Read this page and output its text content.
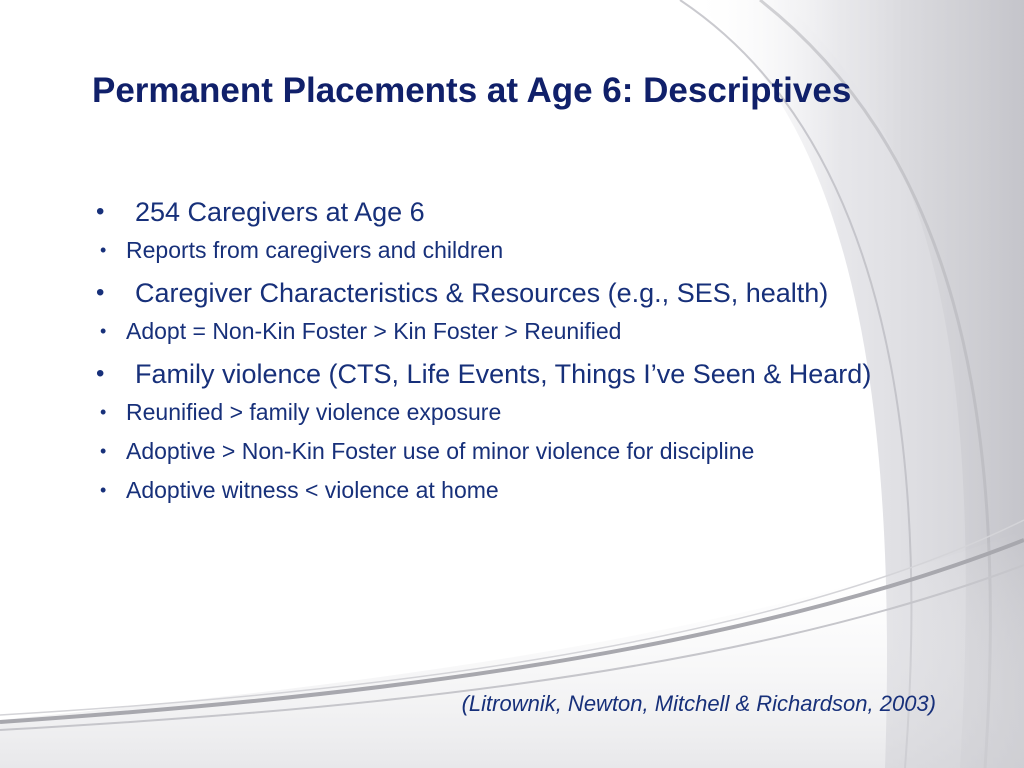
Permanent Placements at Age 6: Descriptives
• 254 Caregivers at Age 6
• Reports from caregivers and children
• Caregiver Characteristics & Resources (e.g., SES, health)
• Adopt = Non-Kin Foster > Kin Foster > Reunified
• Family violence (CTS, Life Events, Things I’ve Seen & Heard)
• Reunified > family violence exposure
• Adoptive > Non-Kin Foster use of minor violence for discipline
• Adoptive witness < violence at home
(Litrownik, Newton, Mitchell & Richardson, 2003)
